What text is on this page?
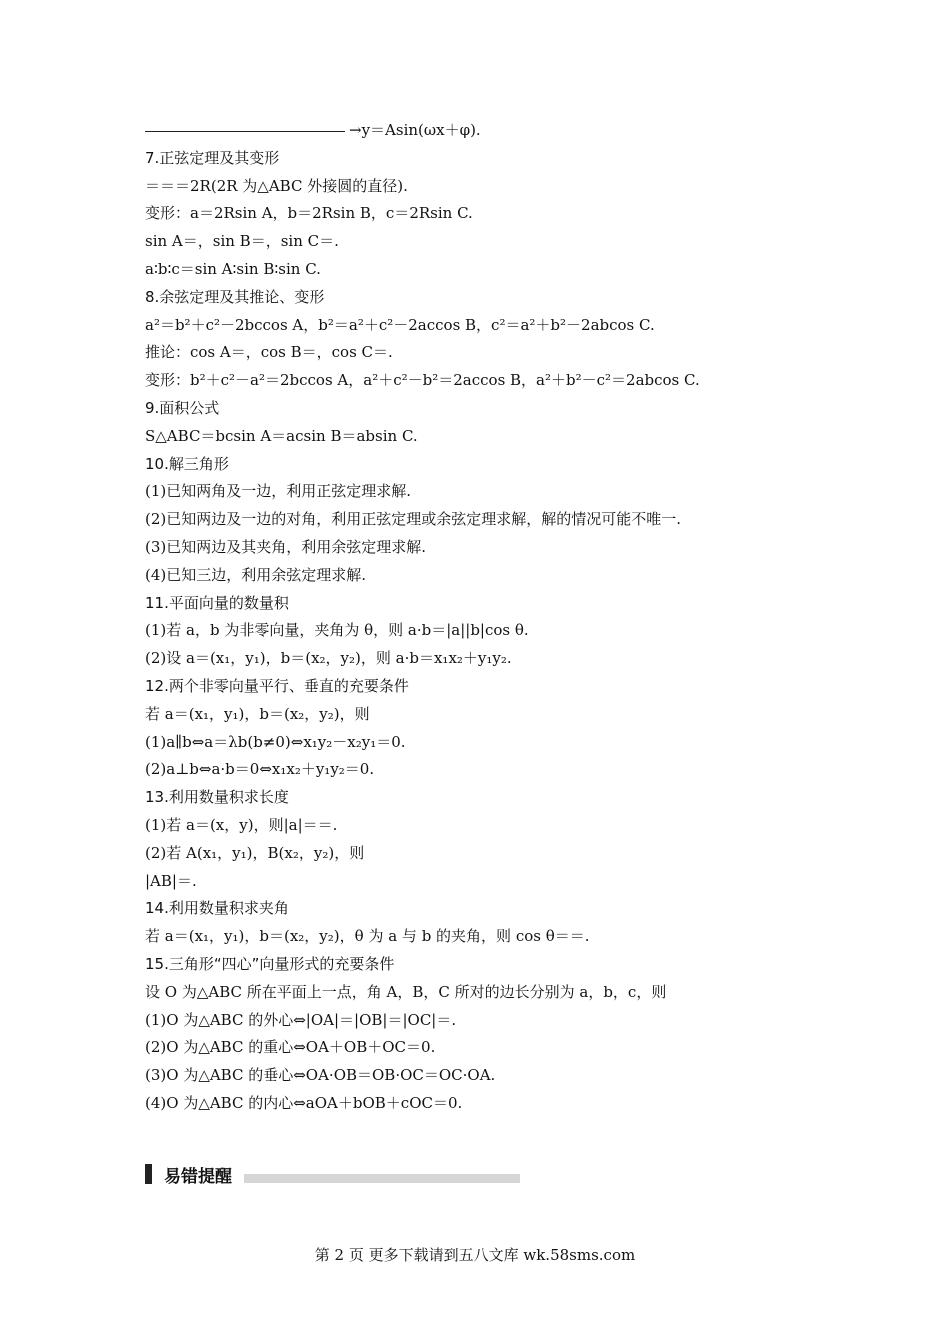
→y＝Asin(ωx＋φ).
7.正弦定理及其变形
＝＝＝2R(2R 为△ABC 外接圆的直径).
变形：a＝2Rsin A，b＝2Rsin B，c＝2Rsin C.
sin A＝，sin B＝，sin C＝.
a∶b∶c＝sin A∶sin B∶sin C.
8.余弦定理及其推论、变形
a²＝b²＋c²－2bccos A，b²＝a²＋c²－2accos B，c²＝a²＋b²－2abcos C.
推论：cos A＝，cos B＝，cos C＝.
变形：b²＋c²－a²＝2bccos A，a²＋c²－b²＝2accos B，a²＋b²－c²＝2abcos C.
9.面积公式
S△ABC＝bcsin A＝acsin B＝absin C.
10.解三角形
(1)已知两角及一边，利用正弦定理求解.
(2)已知两边及一边的对角，利用正弦定理或余弦定理求解，解的情况可能不唯一.
(3)已知两边及其夹角，利用余弦定理求解.
(4)已知三边，利用余弦定理求解.
11.平面向量的数量积
(1)若 a，b 为非零向量，夹角为 θ，则 a·b＝|a||b|cos θ.
(2)设 a＝(x₁，y₁)，b＝(x₂，y₂)，则 a·b＝x₁x₂＋y₁y₂.
12.两个非零向量平行、垂直的充要条件
若 a＝(x₁，y₁)，b＝(x₂，y₂)，则
(1)a∥b⇔a＝λb(b≠0)⇔x₁y₂－x₂y₁＝0.
(2)a⊥b⇔a·b＝0⇔x₁x₂＋y₁y₂＝0.
13.利用数量积求长度
(1)若 a＝(x，y)，则|a|＝＝.
(2)若 A(x₁，y₁)，B(x₂，y₂)，则
|AB|＝.
14.利用数量积求夹角
若 a＝(x₁，y₁)，b＝(x₂，y₂)，θ 为 a 与 b 的夹角，则 cos θ＝＝.
15.三角形“四心”向量形式的充要条件
设 O 为△ABC 所在平面上一点，角 A，B，C 所对的边长分别为 a，b，c，则
(1)O 为△ABC 的外心⇔|OA|＝|OB|＝|OC|＝.
(2)O 为△ABC 的重心⇔OA＋OB＋OC＝0.
(3)O 为△ABC 的垂心⇔OA·OB＝OB·OC＝OC·OA.
(4)O 为△ABC 的内心⇔aOA＋bOB＋cOC＝0.
易错提醒
第 2 页 更多下载请到五八文库 wk.58sms.com
